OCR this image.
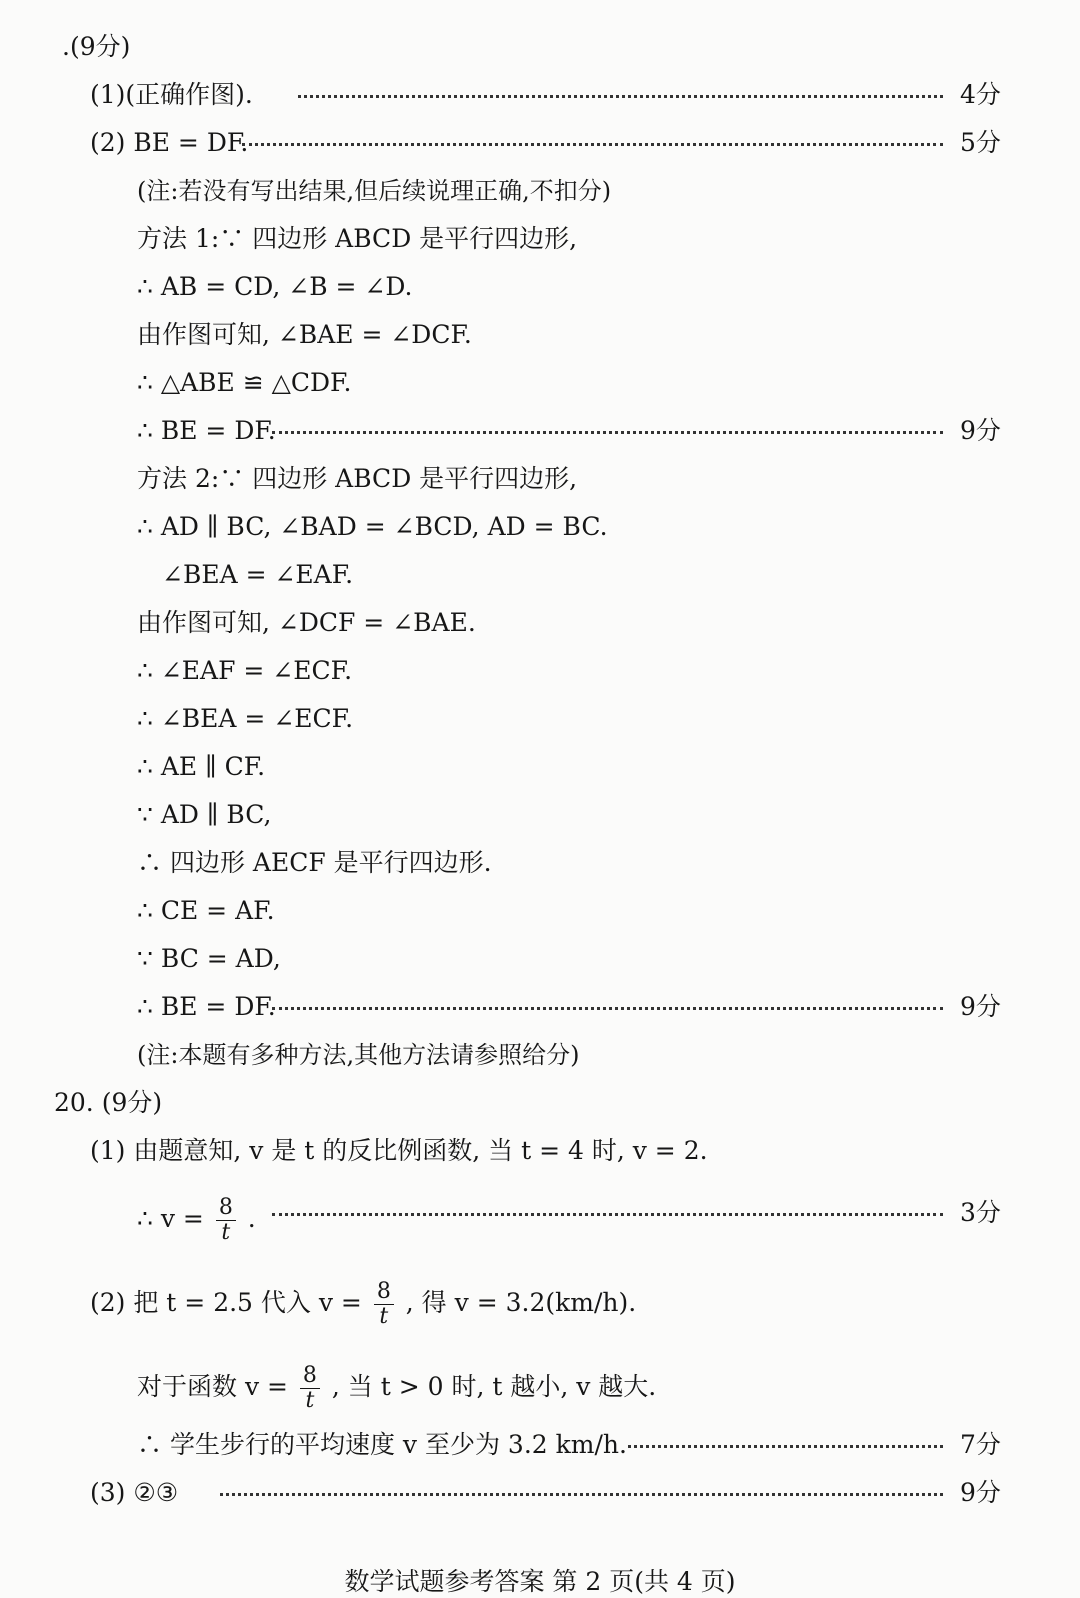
.(9分)
(1)(正确作图).	4分
(2) BE = DF.	5分
(注:若没有写出结果,但后续说理正确,不扣分)
方法 1:∵ 四边形 ABCD 是平行四边形,
∴ AB = CD, ∠B = ∠D.
由作图可知, ∠BAE = ∠DCF.
∴ △ABE ≌ △CDF.
∴ BE = DF.	9分
方法 2:∵ 四边形 ABCD 是平行四边形,
∴ AD ∥ BC, ∠BAD = ∠BCD, AD = BC.
∠BEA = ∠EAF.
由作图可知, ∠DCF = ∠BAE.
∴ ∠EAF = ∠ECF.
∴ ∠BEA = ∠ECF.
∴ AE ∥ CF.
∵ AD ∥ BC,
∴ 四边形 AECF 是平行四边形.
∴ CE = AF.
∵ BC = AD,
∴ BE = DF.	9分
(注:本题有多种方法,其他方法请参照给分)
20. (9分)
(1) 由题意知, v 是 t 的反比例函数, 当 t = 4 时, v = 2.
∴ $v = \frac{8}{t}$ .	3分
(2) 把 t = 2.5 代入 $v = \frac{8}{t}$ , 得 v = 3.2(km/h).
对于函数 $v = \frac{8}{t}$ , 当 t > 0 时, t 越小, v 越大.
∴ 学生步行的平均速度 v 至少为 3.2 km/h.	7分
(3) ②③	9分
数学试题参考答案 第 2 页(共 4 页)
